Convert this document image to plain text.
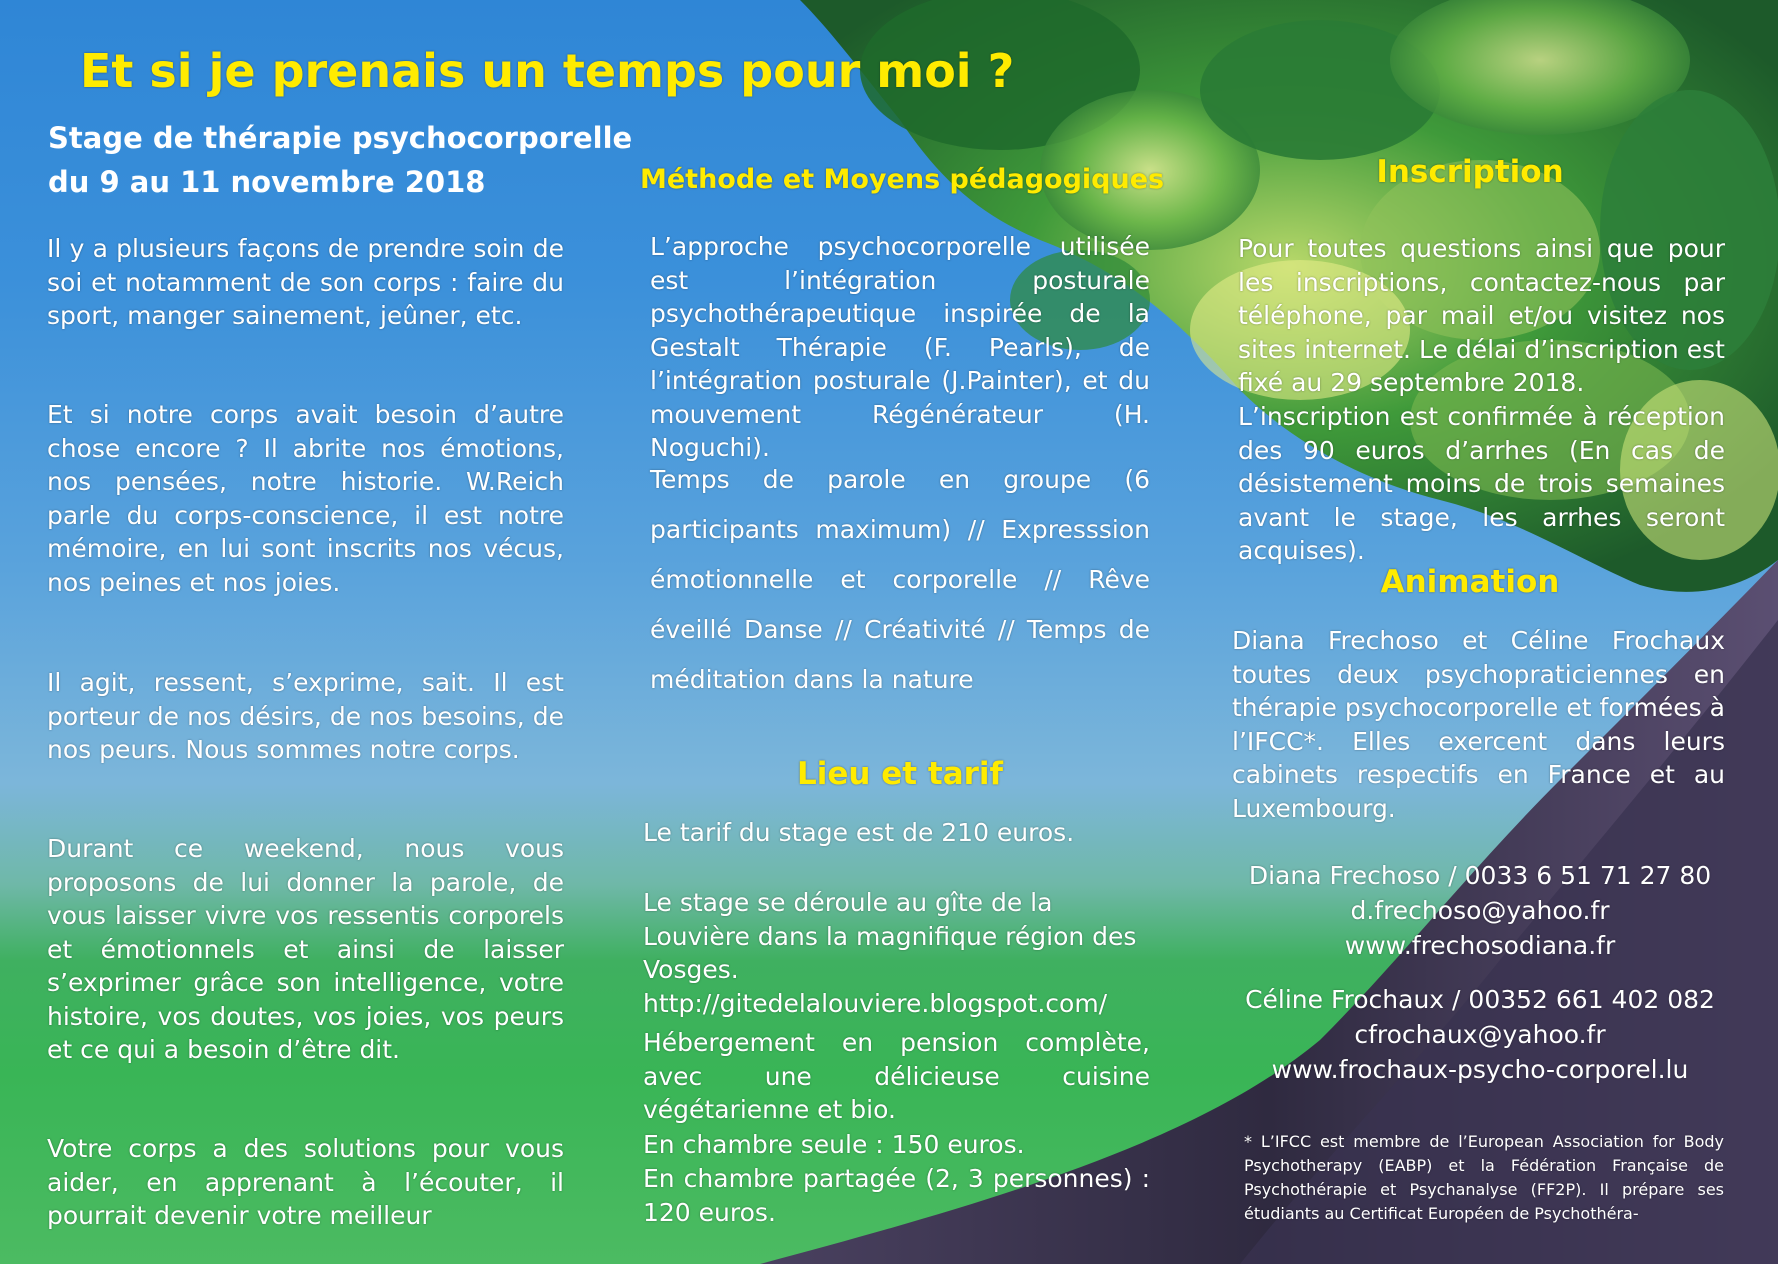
Et si je prenais un temps pour moi ?
Stage de thérapie psychocorporelle
du 9 au 11 novembre 2018

Il y a plusieurs façons de prendre soin de soi et notamment de son corps : faire du sport, manger sainement, jeûner, etc.

Et si notre corps avait besoin d’autre chose encore ? Il abrite nos émotions, nos pensées, notre historie. W.Reich parle du corps-conscience, il est notre mémoire, en lui sont inscrits nos vécus, nos peines et nos joies.

Il agit, ressent, s’exprime, sait. Il est porteur de nos désirs, de nos besoins, de nos peurs. Nous sommes notre corps.

Durant ce weekend, nous vous proposons de lui donner la parole, de vous laisser vivre vos ressentis corporels et émotionnels et ainsi de laisser s’exprimer grâce son intelligence, votre histoire, vos doutes, vos joies, vos peurs et ce qui a besoin d’être dit.

Votre corps a des solutions pour vous aider, en apprenant à l’écouter, il pourrait devenir votre meilleur

Méthode et Moyens pédagogiques

L’approche psychocorporelle utilisée est l’intégration posturale psychothérapeutique inspirée de la Gestalt Thérapie (F. Pearls), de l’intégration posturale (J.Painter), et du mouvement Régénérateur (H. Noguchi).

Temps de parole en groupe (6 participants maximum) // Expresssion émotionnelle et corporelle // Rêve éveillé Danse // Créativité // Temps de méditation dans la nature

Lieu et tarif

Le tarif du stage est de 210 euros.

Le stage se déroule au gîte de la Louvière dans la magnifique région des Vosges.
http://gitedelalouviere.blogspot.com/

Hébergement en pension complète, avec une délicieuse cuisine végétarienne et bio.

En chambre seule : 150 euros.

En chambre partagée (2, 3 personnes) : 120 euros.

Inscription

Pour toutes questions ainsi que pour les inscriptions, contactez-nous par téléphone, par mail et/ou visitez nos sites internet. Le délai d’inscription est fixé au 29 septembre 2018.

L’inscription est confirmée à réception des 90 euros d’arrhes (En cas de désistement moins de trois semaines avant le stage, les arrhes seront acquises).

Animation

Diana Frechoso et Céline Frochaux toutes deux psychopraticiennes en thérapie psychocorporelle et formées à l’IFCC*. Elles exercent dans leurs cabinets respectifs en France et au Luxembourg.

Diana Frechoso / 0033 6 51 71 27 80
d.frechoso@yahoo.fr
www.frechosodiana.fr
Céline Frochaux / 00352 661 402 082
cfrochaux@yahoo.fr
www.frochaux-psycho-corporel.lu

* L’IFCC est membre de l’European Association for Body Psychotherapy (EABP) et la Fédération Française de Psychothérapie et Psychanalyse (FF2P). Il prépare ses étudiants au Certificat Européen de Psychothéra-
